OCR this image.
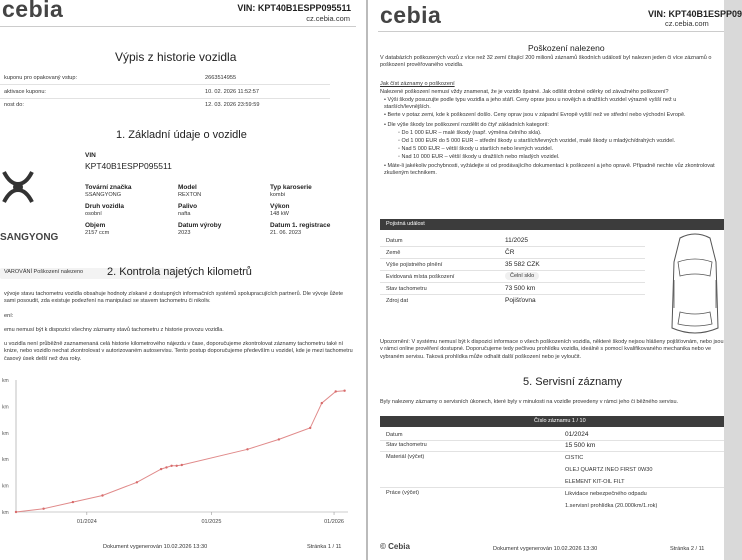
cebia	VIN: KPT40B1ESPP095511
cz.cebia.com
Výpis z historie vozidla
kuponu pro opakovaný vstup:	2663514955
aktivace kuponu:	10. 02. 2026 11:52:57
nost do:	12. 03. 2026 23:59:59
1. Základní údaje o vozidle
SANGYONG
VIN
KPT40B1ESPP095511
Tovární značka
SSANGYONG
Model
REXTON
Typ karoserie
kombi
Druh vozidla
osobní
Palivo
nafta
Výkon
148 kW
Objem
2157 ccm
Datum výroby
2023
Datum 1. registrace
21. 06. 2023
VAROVÁNÍ Poškození nalezeno 2. Kontrola najetých kilometrů
vývoje stavu tachometru vozidla obsahuje hodnoty získané z dostupných informačních systémů spolupracujících partnerů. Dle vývoje ůžete sami posoudit, zda existuje podezření na manipulaci se stavem tachometru či nikoliv.
ení:
emu nemusí být k dispozici všechny záznamy stavů tachometru z historie provozu vozidla.
u vozidla není průběžně zaznamenaná celá historie kilometrového nájezdu v čase, doporučujeme zkontrolovat záznamy tachometru také ní knize, nebo vozidlo nechat zkontrolovat v autorizovaném autoservisu. Tento postup doporučujeme především u vozidel, kde je mezi tachometru časový úsek delší než dva roky.
km
km
km
km
km
km
01/2024	01/2025	01/2026
Dokument vygenerován 10.02.2026 13:30	Stránka 1 / 11
cebia	VIN: KPT40B1ESPP09
cz.cebia.com
Poškození nalezeno
V databázích poškozených vozů z více než 32 zemí čítající 200 milionů záznamů škodních událostí byl nalezen jeden či více záznamů o poškození prověřovaného vozidla.
Jak číst záznamy o poškození
Nalezené poškození nemusí vždy znamenat, že je vozidlo špatné. Jak odlišit drobné oděrky od závažného poškození?
• Výši škody posuzujte podle typu vozidla a jeho stáří. Ceny oprav jsou u novějch a dražších vozidel výrazně vyšší než u starších/levnějších.
• Berte v potaz zemi, kde k poškození došlo. Ceny oprav jsou v západní Evropě vyšší než ve střední nebo východní Evropě.
• Dle výše škody lze poškození rozdělit do čtyř základních kategorií:
◦ Do 1 000 EUR – malé škody (např. výměna čelního skla).
◦ Od 1 000 EUR do 5 000 EUR – střední škody u starších/levných vozidel, malé škody u mladých/drahých vozidel.
◦ Nad 5 000 EUR – větší škody u starších nebo levných vozidel.
◦ Nad 10 000 EUR – větší škody u dražších nebo mladých vozidel.
• Máte-li jakékoliv pochybnosti, vyžádejte si od prodávajícího dokumentaci k poškození a jeho opravě. Případně nechte vůz zkontrolovat zkušeným technikem.
Pojistná událost
Datum	11/2025
Země	ČR
Výše pojistného plnění	35 582 CZK
Evidovaná místa poškození	Čelní sklo
Stav tachometru	73 500 km
Zdroj dat	Pojišťovna
Upozornění: V systému nemusí být k dispozici informace o všech poškozeních vozidla, některé škody nejsou hlášeny pojišťovnám, nebo jsou v rámci online prověření dostupné. Doporučujeme tedy pečlivou prohlídku vozidla, ideálně s pomocí kvalifikovaného mechanika nebo ve vybraném servisu. Taková prohlídka může odhalit další poškození nebo je vyloučit.
5. Servisní záznamy
Byly nalezeny záznamy o servisních úkonech, které byly v minulosti na vozidle provedeny v rámci jeho či běžného servisu.
Číslo záznamu 1 / 10
Datum	01/2024
Stav tachometru	15 500 km
Materiál (výčet)	CISTIC
OLEJ QUARTZ INEO FIRST 0W30
ELEMENT KIT-OIL FILT
Práce (výčet)	Likvidace nebezpečného odpadu
1.servisní prohlídka (20.000km/1.rok)
© Cebia	Dokument vygenerován 10.02.2026 13:30	Stránka 2 / 11
